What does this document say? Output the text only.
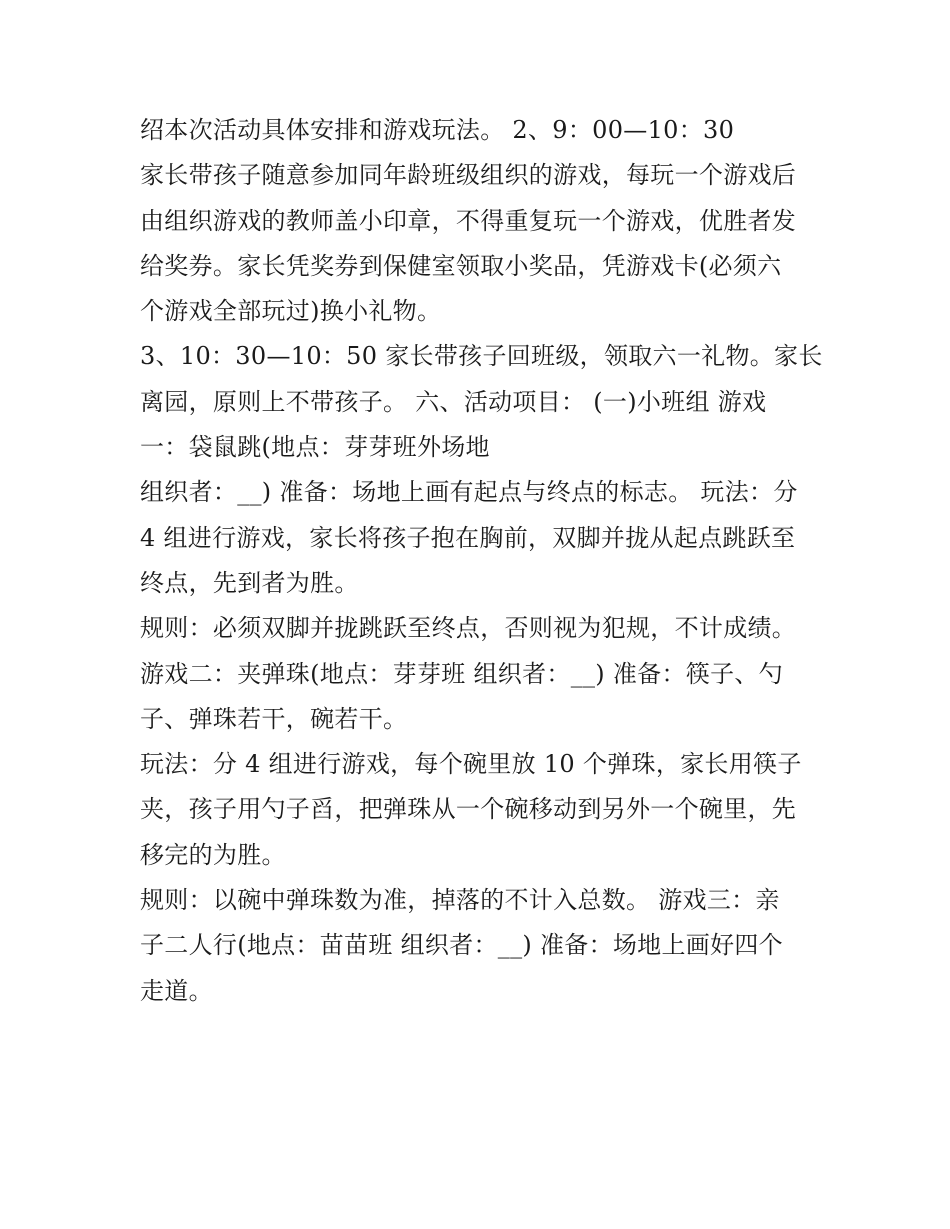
绍本次活动具体安排和游戏玩法。 2、9：00—10：30
家长带孩子随意参加同年龄班级组织的游戏，每玩一个游戏后
由组织游戏的教师盖小印章，不得重复玩一个游戏，优胜者发
给奖券。家长凭奖券到保健室领取小奖品，凭游戏卡(必须六
个游戏全部玩过)换小礼物。
3、10：30—10：50 家长带孩子回班级，领取六一礼物。家长
离园，原则上不带孩子。 六、活动项目： (一)小班组 游戏
一：袋鼠跳(地点：芽芽班外场地
组织者：__) 准备：场地上画有起点与终点的标志。 玩法：分
4 组进行游戏，家长将孩子抱在胸前，双脚并拢从起点跳跃至
终点，先到者为胜。
规则：必须双脚并拢跳跃至终点，否则视为犯规，不计成绩。
游戏二：夹弹珠(地点：芽芽班 组织者：__) 准备：筷子、勺
子、弹珠若干，碗若干。
玩法：分 4 组进行游戏，每个碗里放 10 个弹珠，家长用筷子
夹，孩子用勺子舀，把弹珠从一个碗移动到另外一个碗里，先
移完的为胜。
规则：以碗中弹珠数为准，掉落的不计入总数。 游戏三：亲
子二人行(地点：苗苗班 组织者：__) 准备：场地上画好四个
走道。
